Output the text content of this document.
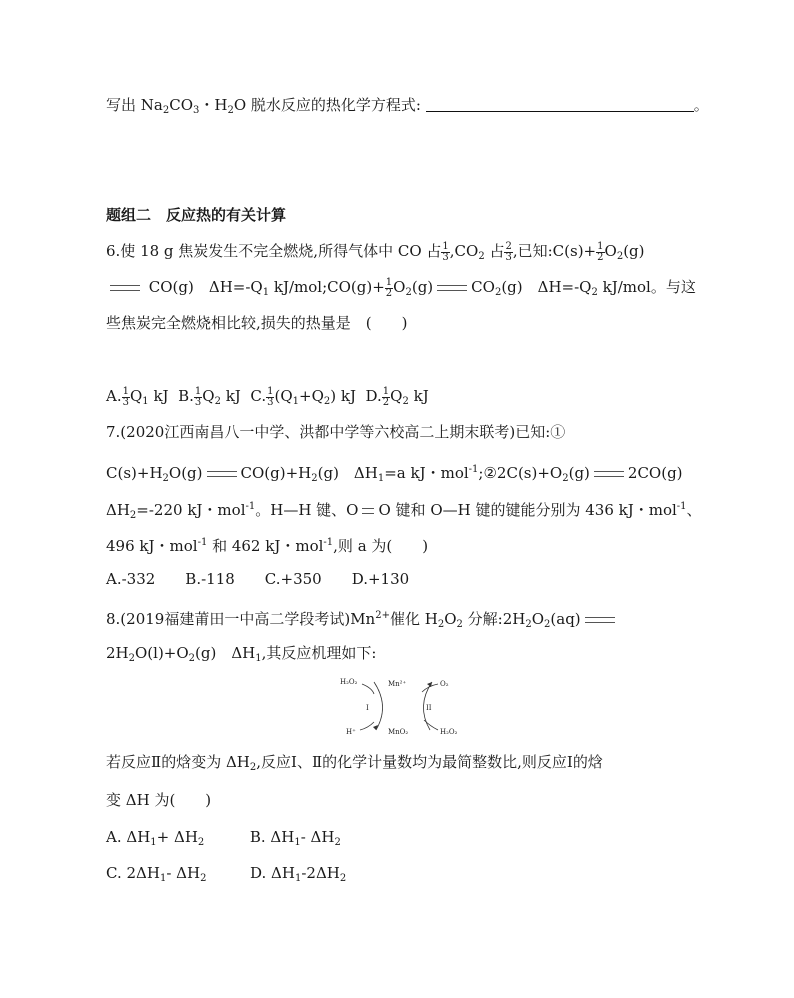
写出 $Na_2CO_3$・$H_2O$ 脱水反应的热化学方程式:	。
题组二　反应热的有关计算
6.使 18 g 焦炭发生不完全燃烧,所得气体中 CO 占 $\frac{1}{3} ,CO_2$ 占 $\frac{2}{3}$ ,已知:C(s)+ $\frac{1}{2} O_2(g)$
CO(g)　$\Delta H=-Q_1$ kJ/mol;CO(g)+ $\frac{1}{2} O_2(g)$	$CO_2(g)$　$\Delta H=-Q_2$ kJ/mol。与这
些焦炭完全燃烧相比较,损失的热量是　(　　)
A. $\frac{1}{3} Q_1$ kJ B. $\frac{1}{3} Q_2$ kJ C. $\frac{1}{3} (Q_1+Q_2)$ kJ D. $\frac{1}{2} Q_2$ kJ
7.(2020江西南昌八一中学、洪都中学等六校高二上期末联考)已知:①
$C(s)+H_2O(g)$	$CO(g)+H_2(g)$　$\Delta H_1=a$ kJ・$mol^{-1};②2C(s)+O_2(g)$	2CO(g)
$\Delta H_2=-220$ kJ・mol$^{-1}$。H—H 键、O O 键和 O—H 键的键能分别为 436 kJ・mol$^{-1}$、
496 kJ・mol$^{-1}$ 和 462 kJ・mol$^{-1}$,则 a 为(　　)
A.-332　　B.-118　　C.+350　　D.+130
8.(2019福建莆田一中高二学段考试)$Mn^{2+}$催化 $H_2O_2$ 分解$:2H_2O_2(aq)$
$2H_2O(l)+O_2(g)$　$\Delta H_1$,其反应机理如下:
H₂O₂
H⁺
Mn²⁺
MnO₂
O₂
H₂O₂
I	II
若反应Ⅱ的焓变为 $\Delta H_2$,反应Ⅰ、Ⅱ的化学计量数均为最简整数比,则反应Ⅰ的焓
变 ΔH 为(　　)
A. $\Delta H_1+ \Delta H_2$	B. $\Delta H_1-$ $\Delta H_2$
C. $2\Delta H_1-$ $\Delta H_2$	D. $\Delta H_1-2\Delta H_2$
